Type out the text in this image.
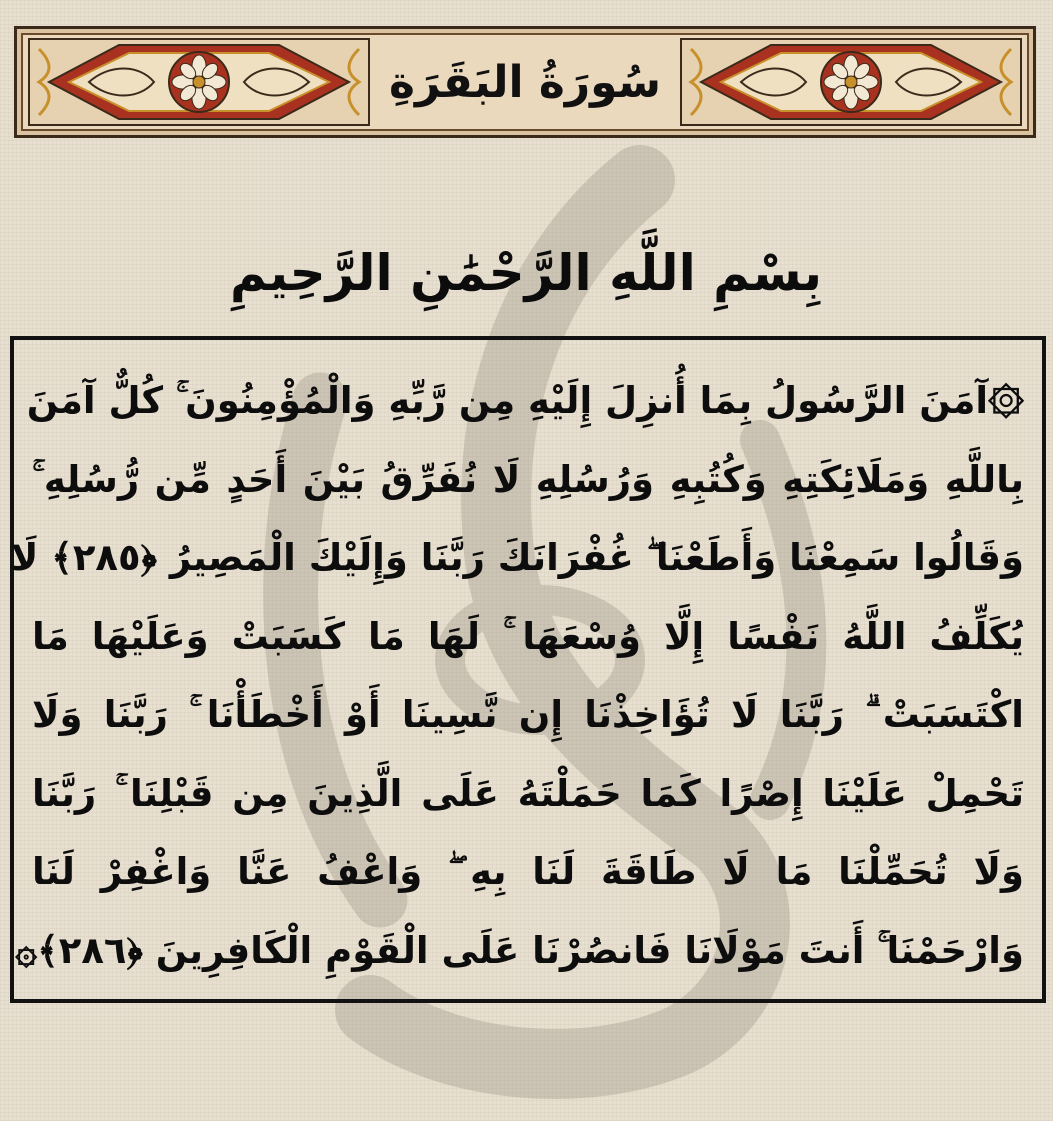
سُورَةُ البَقَرَةِ
بِسْمِ اللَّهِ الرَّحْمَٰنِ الرَّحِيمِ
۞آمَنَ الرَّسُولُ بِمَا أُنزِلَ إِلَيْهِ مِن رَّبِّهِ وَالْمُؤْمِنُونَ ۚ كُلٌّ آمَنَ
بِاللَّهِ وَمَلَائِكَتِهِ وَكُتُبِهِ وَرُسُلِهِ لَا نُفَرِّقُ بَيْنَ أَحَدٍ مِّن رُّسُلِهِ ۚ
وَقَالُوا سَمِعْنَا وَأَطَعْنَا ۖ غُفْرَانَكَ رَبَّنَا وَإِلَيْكَ الْمَصِيرُ ﴿٢٨٥﴾ لَا
يُكَلِّفُ اللَّهُ نَفْسًا إِلَّا وُسْعَهَا ۚ لَهَا مَا كَسَبَتْ وَعَلَيْهَا مَا
اكْتَسَبَتْ ۗ رَبَّنَا لَا تُؤَاخِذْنَا إِن نَّسِينَا أَوْ أَخْطَأْنَا ۚ رَبَّنَا وَلَا
تَحْمِلْ عَلَيْنَا إِصْرًا كَمَا حَمَلْتَهُ عَلَى الَّذِينَ مِن قَبْلِنَا ۚ رَبَّنَا
وَلَا تُحَمِّلْنَا مَا لَا طَاقَةَ لَنَا بِهِ ۖ وَاعْفُ عَنَّا وَاغْفِرْ لَنَا
وَارْحَمْنَا ۚ أَنتَ مَوْلَانَا فَانصُرْنَا عَلَى الْقَوْمِ الْكَافِرِينَ ﴿٢٨٦﴾۞
